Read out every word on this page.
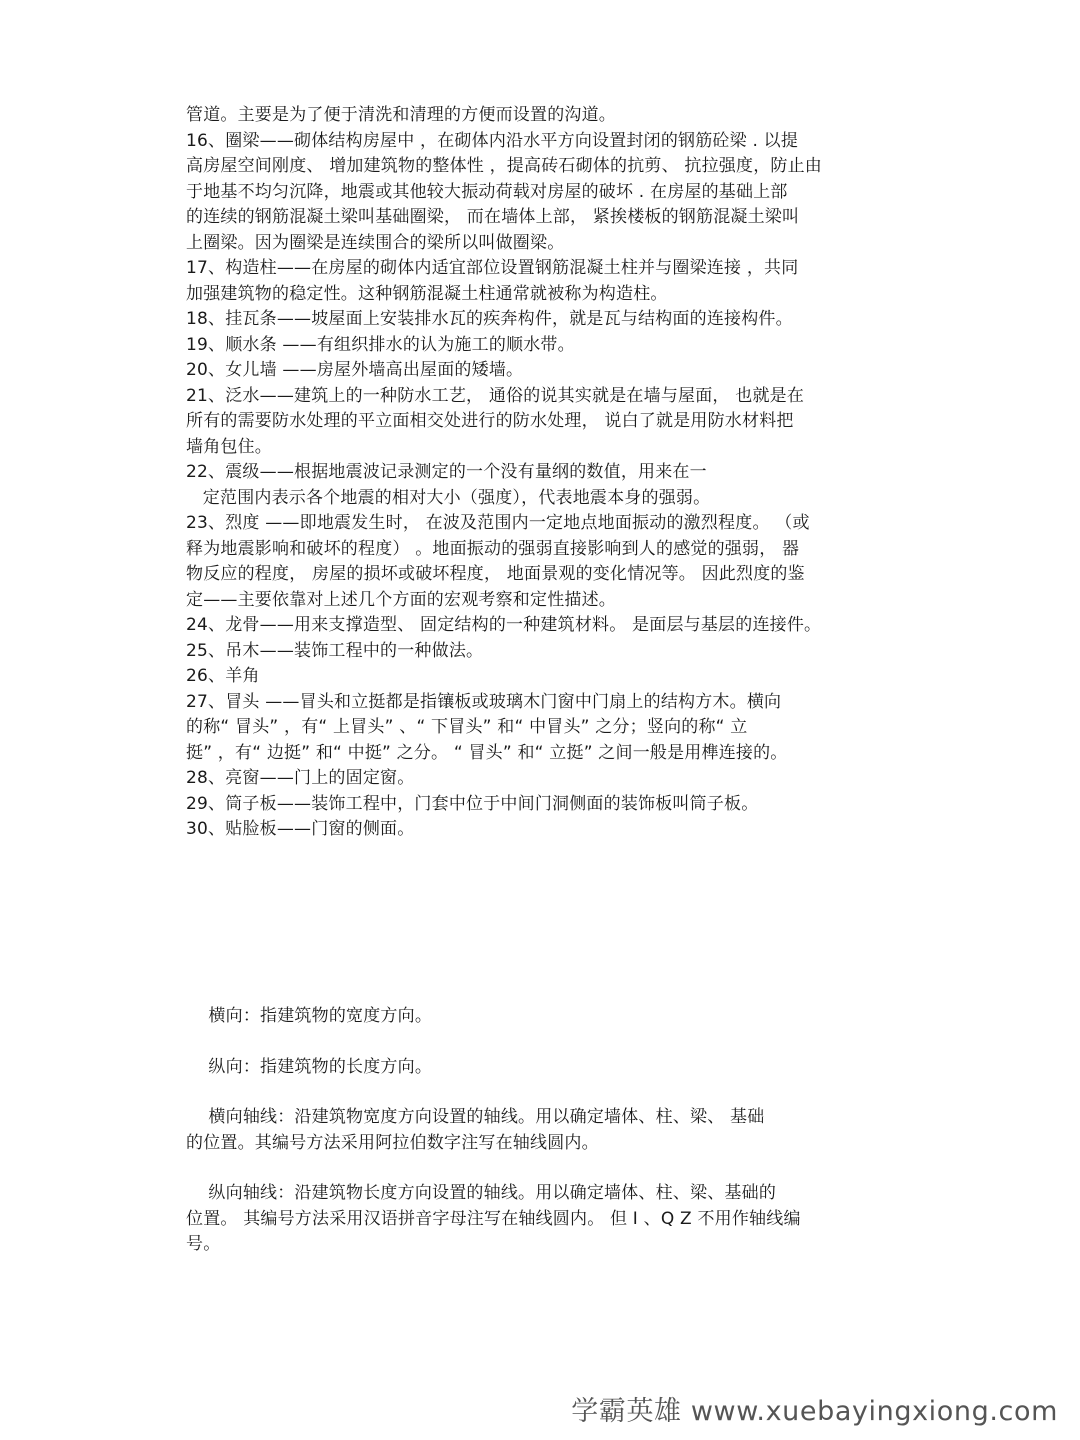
管道。主要是为了便于清洗和清理的方便而设置的沟道。
16、圈梁——砌体结构房屋中 ，在砌体内沿水平方向设置封闭的钢筋砼梁 . 以提
高房屋空间刚度、 增加建筑物的整体性 ，提高砖石砌体的抗剪、 抗拉强度，防止由
于地基不均匀沉降，地震或其他较大振动荷载对房屋的破坏 . 在房屋的基础上部
的连续的钢筋混凝土梁叫基础圈梁， 而在墙体上部， 紧挨楼板的钢筋混凝土梁叫
上圈梁。因为圈梁是连续围合的梁所以叫做圈梁。
17、构造柱——在房屋的砌体内适宜部位设置钢筋混凝土柱并与圈梁连接 ，共同
加强建筑物的稳定性。这种钢筋混凝土柱通常就被称为构造柱。
18、挂瓦条——坡屋面上安装排水瓦的疾奔构件，就是瓦与结构面的连接构件。
19、顺水条 ——有组织排水的认为施工的顺水带。
20、女儿墙 ——房屋外墙高出屋面的矮墙。
21、泛水——建筑上的一种防水工艺， 通俗的说其实就是在墙与屋面， 也就是在
所有的需要防水处理的平立面相交处进行的防水处理， 说白了就是用防水材料把
墙角包住。
22、震级——根据地震波记录测定的一个没有量纲的数值，用来在一
定范围内表示各个地震的相对大小（强度），代表地震本身的强弱。
23、烈度 ——即地震发生时， 在波及范围内一定地点地面振动的激烈程度。 （或
释为地震影响和破坏的程度） 。地面振动的强弱直接影响到人的感觉的强弱， 器
物反应的程度， 房屋的损坏或破坏程度， 地面景观的变化情况等。 因此烈度的鉴
定——主要依靠对上述几个方面的宏观考察和定性描述。
24、龙骨——用来支撑造型、 固定结构的一种建筑材料。 是面层与基层的连接件。
25、吊木——装饰工程中的一种做法。
26、羊角
27、冒头 ——冒头和立挺都是指镶板或玻璃木门窗中门扇上的结构方木。横向
的称“ 冒头” ，有“ 上冒头” 、“ 下冒头” 和“ 中冒头” 之分；竖向的称“ 立
挺” ，有“ 边挺” 和“ 中挺” 之分。 “ 冒头” 和“ 立挺” 之间一般是用榫连接的。
28、亮窗——门上的固定窗。
29、筒子板——装饰工程中，门套中位于中间门洞侧面的装饰板叫筒子板。
30、贴脸板——门窗的侧面。
横向：指建筑物的宽度方向。
纵向：指建筑物的长度方向。
横向轴线：沿建筑物宽度方向设置的轴线。用以确定墙体、柱、梁、 基础
的位置。其编号方法采用阿拉伯数字注写在轴线圆内。
纵向轴线：沿建筑物长度方向设置的轴线。用以确定墙体、柱、梁、基础的
位置。 其编号方法采用汉语拼音字母注写在轴线圆内。 但 I 、Q Z 不用作轴线编
号。
学霸英雄 www.xuebayingxiong.com
